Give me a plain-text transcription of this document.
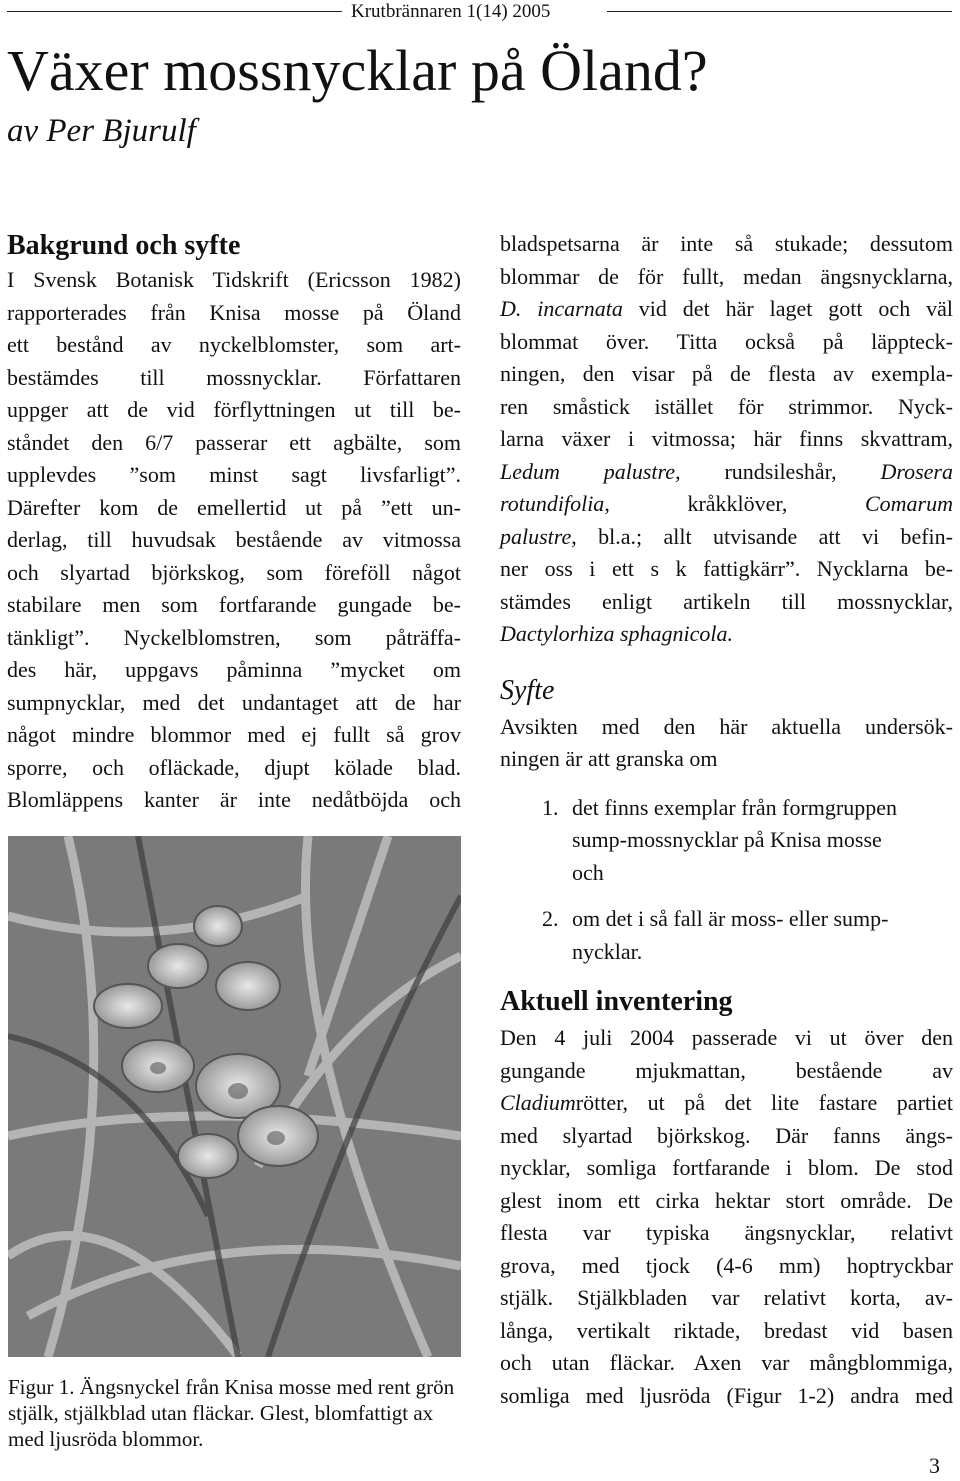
Krutbrännaren 1(14) 2005
Växer mossnycklar på Öland?

av Per Bjurulf

Bakgrund och syfte

I Svensk Botanisk Tidskrift (Ericsson 1982)
rapporterades från Knisa mosse på Öland
ett bestånd av nyckelblomster, som art-
bestämdes till mossnycklar. Författaren
uppger att de vid förflyttningen ut till be-
ståndet den 6/7 passerar ett agbälte, som
upplevdes ”som minst sagt livsfarligt”.
Därefter kom de emellertid ut på ”ett un-
derlag, till huvudsak bestående av vitmossa
och slyartad björkskog, som föreföll något
stabilare men som fortfarande gungade be-
tänkligt”. Nyckelblomstren, som påträffa-
des här, uppgavs påminna ”mycket om
sumpnycklar, med det undantaget att de har
något mindre blommor med ej fullt så grov
sporre, och ofläckade, djupt kölade blad.
Blomläppens kanter är inte nedåtböjda och

Figur 1. Ängsnyckel från Knisa mosse med rent grön stjälk, stjälkblad utan fläckar. Glest, blomfattigt ax med ljusröda blommor.

bladspetsarna är inte så stukade; dessutom
blommar de för fullt, medan ängsnycklarna,
D. incarnata vid det här laget gott och väl
blommat över. Titta också på läppteck-
ningen, den visar på de flesta av exempla-
ren småstick istället för strimmor. Nyck-
larna växer i vitmossa; här finns skvattram,
Ledum palustre, rundsileshår, Drosera
rotundifolia, kråkklöver, Comarum
palustre, bl.a.; allt utvisande att vi befin-
ner oss i ett s k fattigkärr”. Nycklarna be-
stämdes enligt artikeln till mossnycklar,
Dactylorhiza sphagnicola.

Syfte

Avsikten med den här aktuella undersök-
ningen är att granska om

1. det finns exemplar från formgruppen
sump-mossnycklar på Knisa mosse
och
2. om det i så fall är moss- eller sump-
nycklar.
Aktuell inventering

Den 4 juli 2004 passerade vi ut över den
gungande mjukmattan, bestående av
Cladiumrötter, ut på det lite fastare partiet
med slyartad björkskog. Där fanns ängs-
nycklar, somliga fortfarande i blom. De stod
glest inom ett cirka hektar stort område. De
flesta var typiska ängsnycklar, relativt
grova, med tjock (4-6 mm) hoptryckbar
stjälk. Stjälkbladen var relativt korta, av-
långa, vertikalt riktade, bredast vid basen
och utan fläckar. Axen var mångblommiga,
somliga med ljusröda (Figur 1-2) andra med

3
